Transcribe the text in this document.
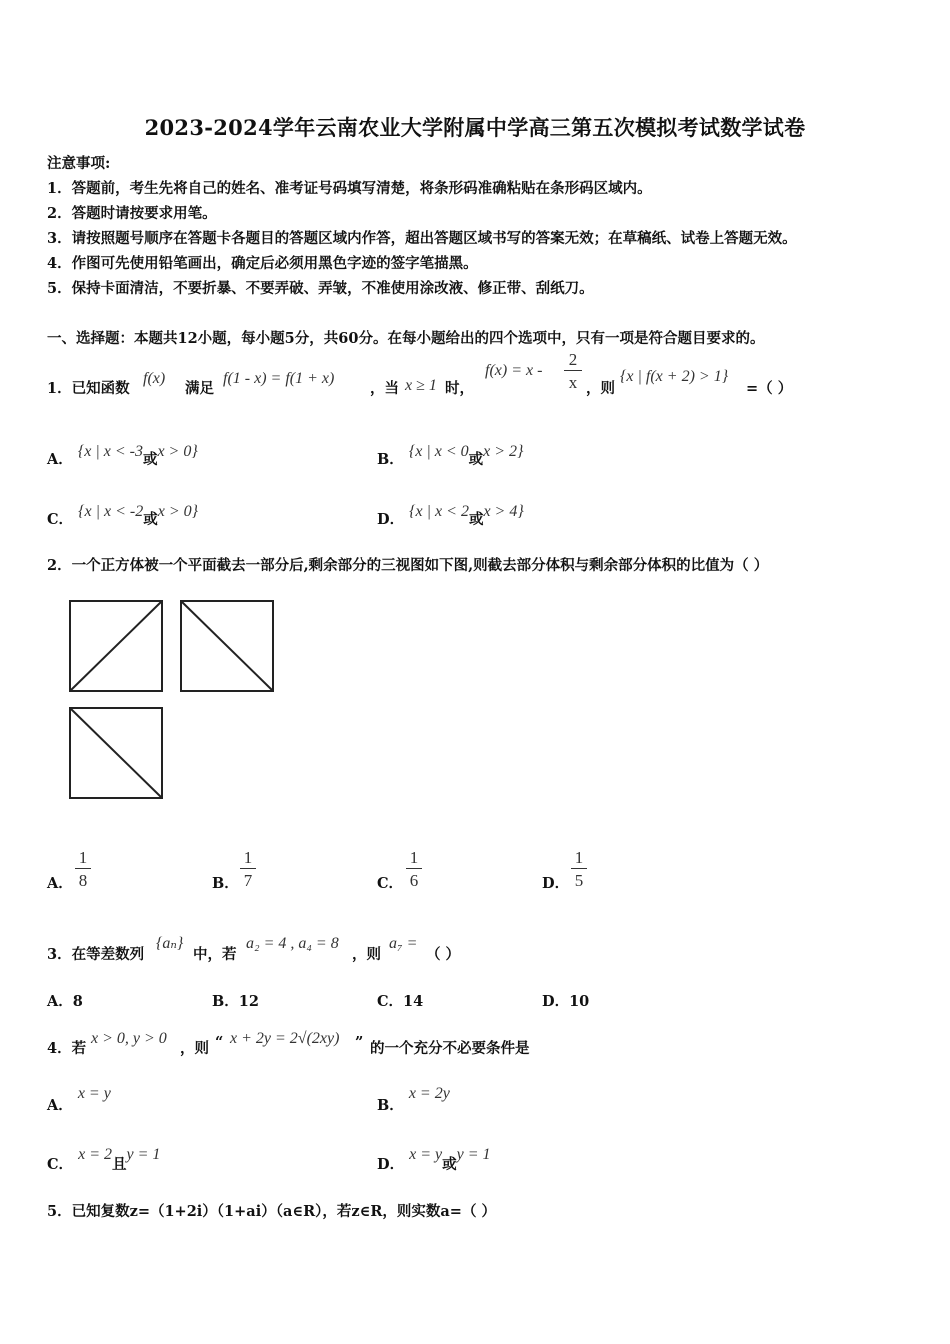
2023-2024学年云南农业大学附属中学高三第五次模拟考试数学试卷
注意事项:
1．答题前，考生先将自己的姓名、准考证号码填写清楚，将条形码准确粘贴在条形码区域内。
2．答题时请按要求用笔。
3．请按照题号顺序在答题卡各题目的答题区域内作答，超出答题区域书写的答案无效；在草稿纸、试卷上答题无效。
4．作图可先使用铅笔画出，确定后必须用黑色字迹的签字笔描黑。
5．保持卡面清洁，不要折暴、不要弄破、弄皱，不准使用涂改液、修正带、刮纸刀。
一、选择题：本题共12小题，每小题5分，共60分。在每小题给出的四个选项中，只有一项是符合题目要求的。
1．已知函数
f(x)
满足
f(1 - x) = f(1 + x)
，当 x ≥ 1 时，
$f(x) = x - \frac{2}{x}$ ，则
{x | f(x + 2) > 1}
=（ ）
A． {x | x < -3或x > 0}	B． {x | x < 0或x > 2}
C． {x | x < -2或x > 0}	D． {x | x < 2或x > 4}
2．一个正方体被一个平面截去一部分后,剩余部分的三视图如下图,则截去部分体积与剩余部分体积的比值为（ ）
A． $\frac{1}{8}$	B． $\frac{1}{7}$	C． $\frac{1}{6}$	D． $\frac{1}{5}$
3．在等差数列
{aₙ}
中，若
a₂ = 4 , a₄ = 8
，则
a₇ =
（ ）
A．8	B．12	C．14	D．10
4．若
x > 0, y > 0
，则 “ x + 2y = 2√(2xy) ” 的一个充分不必要条件是
A． x = y
B． x = 2y
C． x = 2且y = 1
D． x = y或y = 1
5．已知复数z=（1+2i）（1+ai）（a∈R），若z∈R，则实数a=（ ）
